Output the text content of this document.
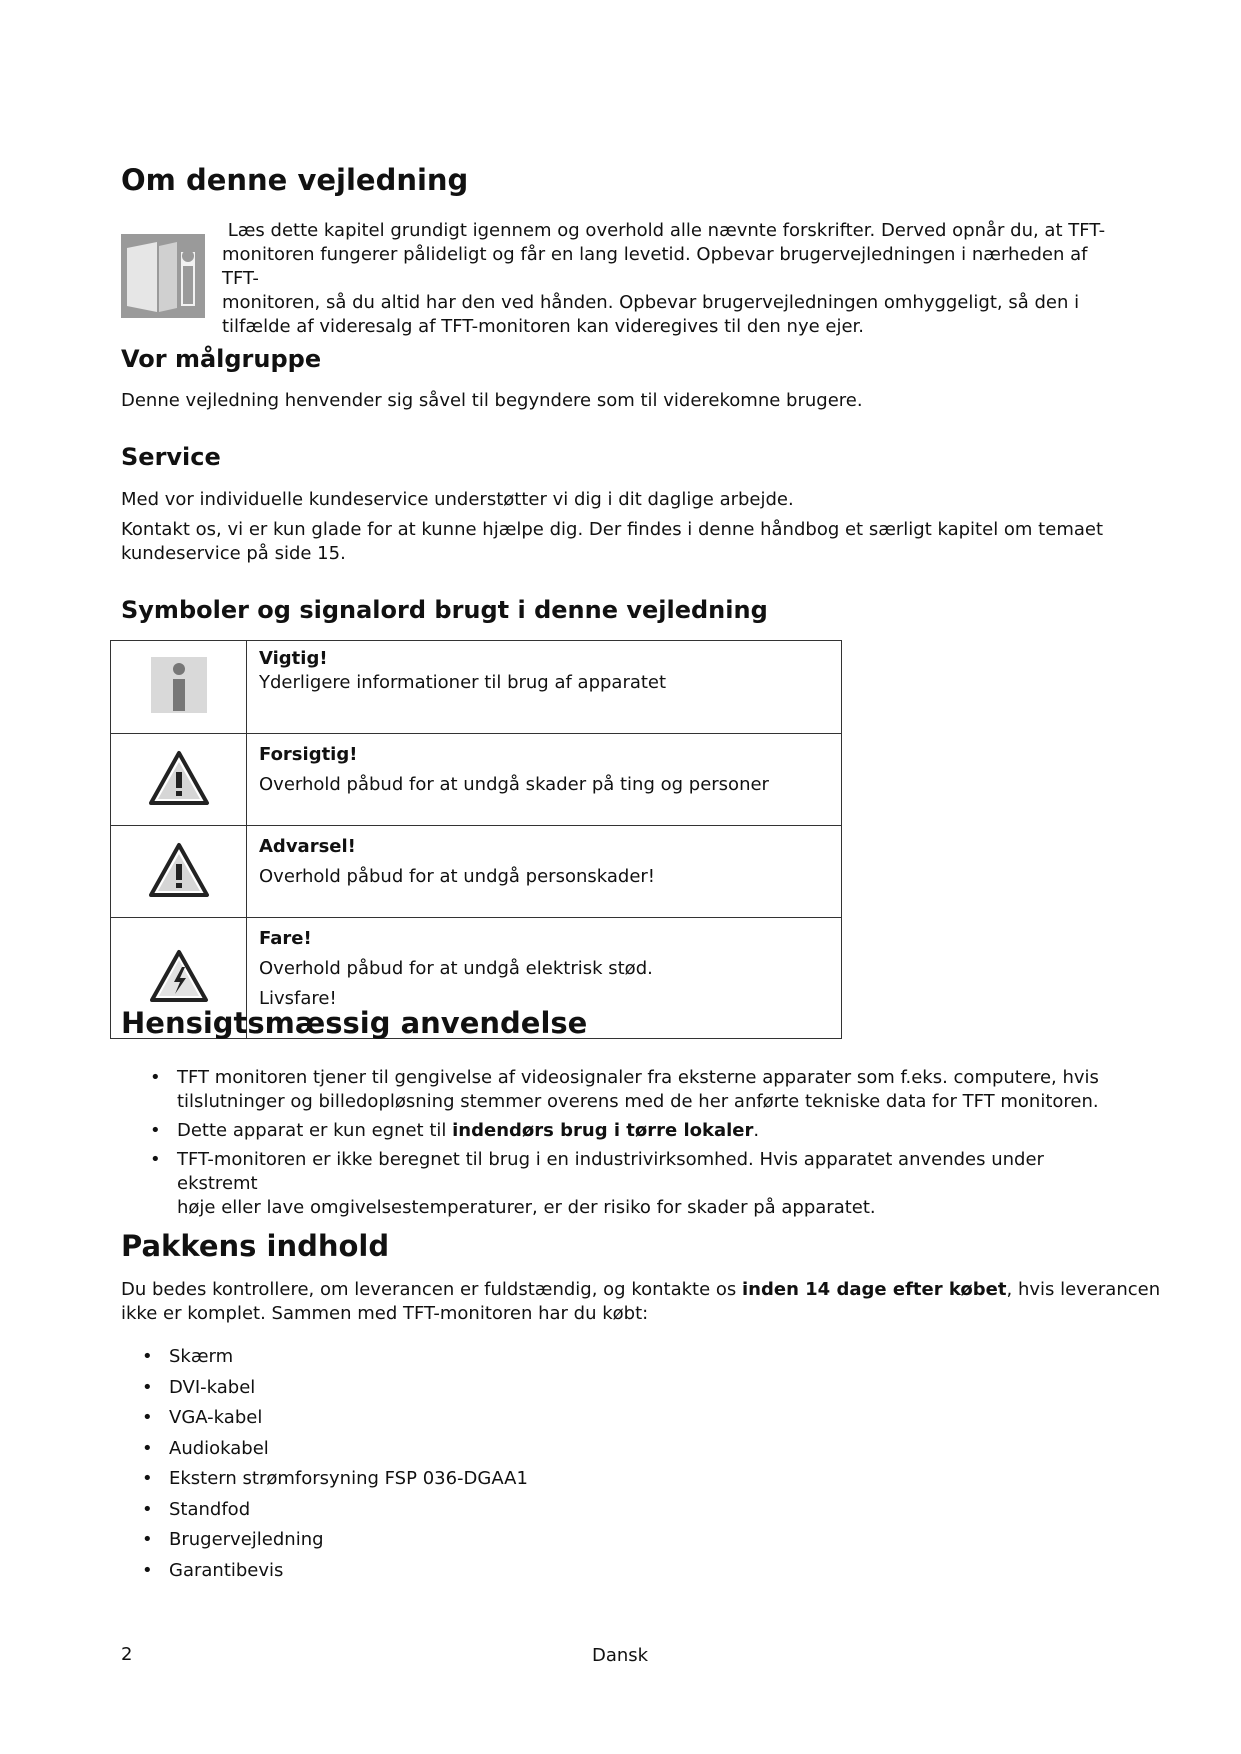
Om denne vejledning
Læs dette kapitel grundigt igennem og overhold alle nævnte forskrifter. Derved opnår du, at TFT-
monitoren fungerer pålideligt og får en lang levetid. Opbevar brugervejledningen i nærheden af TFT-
monitoren, så du altid har den ved hånden. Opbevar brugervejledningen omhyggeligt, så den i
tilfælde af videresalg af TFT-monitoren kan videregives til den nye ejer.
Vor målgruppe

Denne vejledning henvender sig såvel til begyndere som til viderekomne brugere.

Service

Med vor individuelle kundeservice understøtter vi dig i dit daglige arbejde.

Kontakt os, vi er kun glade for at kunne hjælpe dig. Der findes i denne håndbog et særligt kapitel om temaet

kundeservice på side 15.

Symboler og signalord brugt i denne vejledning

Vigtig!
Yderligere informationer til brug af apparatet

Forsigtig!
Overhold påbud for at undgå skader på ting og personer

Advarsel!
Overhold påbud for at undgå personskader!

Fare!
Overhold påbud for at undgå elektrisk stød.
Livsfare!
Hensigtsmæssig anvendelse
• TFT monitoren tjener til gengivelse af videosignaler fra eksterne apparater som f.eks. computere, hvis
tilslutninger og billedopløsning stemmer overens med de her anførte tekniske data for TFT monitoren.
• Dette apparat er kun egnet til indendørs brug i tørre lokaler.
• TFT-monitoren er ikke beregnet til brug i en industrivirksomhed. Hvis apparatet anvendes under ekstremt
høje eller lave omgivelsestemperaturer, er der risiko for skader på apparatet.
Pakkens indhold

Du bedes kontrollere, om leverancen er fuldstændig, og kontakte os inden 14 dage efter købet, hvis leverancen

ikke er komplet. Sammen med TFT-monitoren har du købt:

• Skærm
• DVI-kabel
• VGA-kabel
• Audiokabel
• Ekstern strømforsyning FSP 036-DGAA1
• Standfod
• Brugervejledning
• Garantibevis
2	Dansk
